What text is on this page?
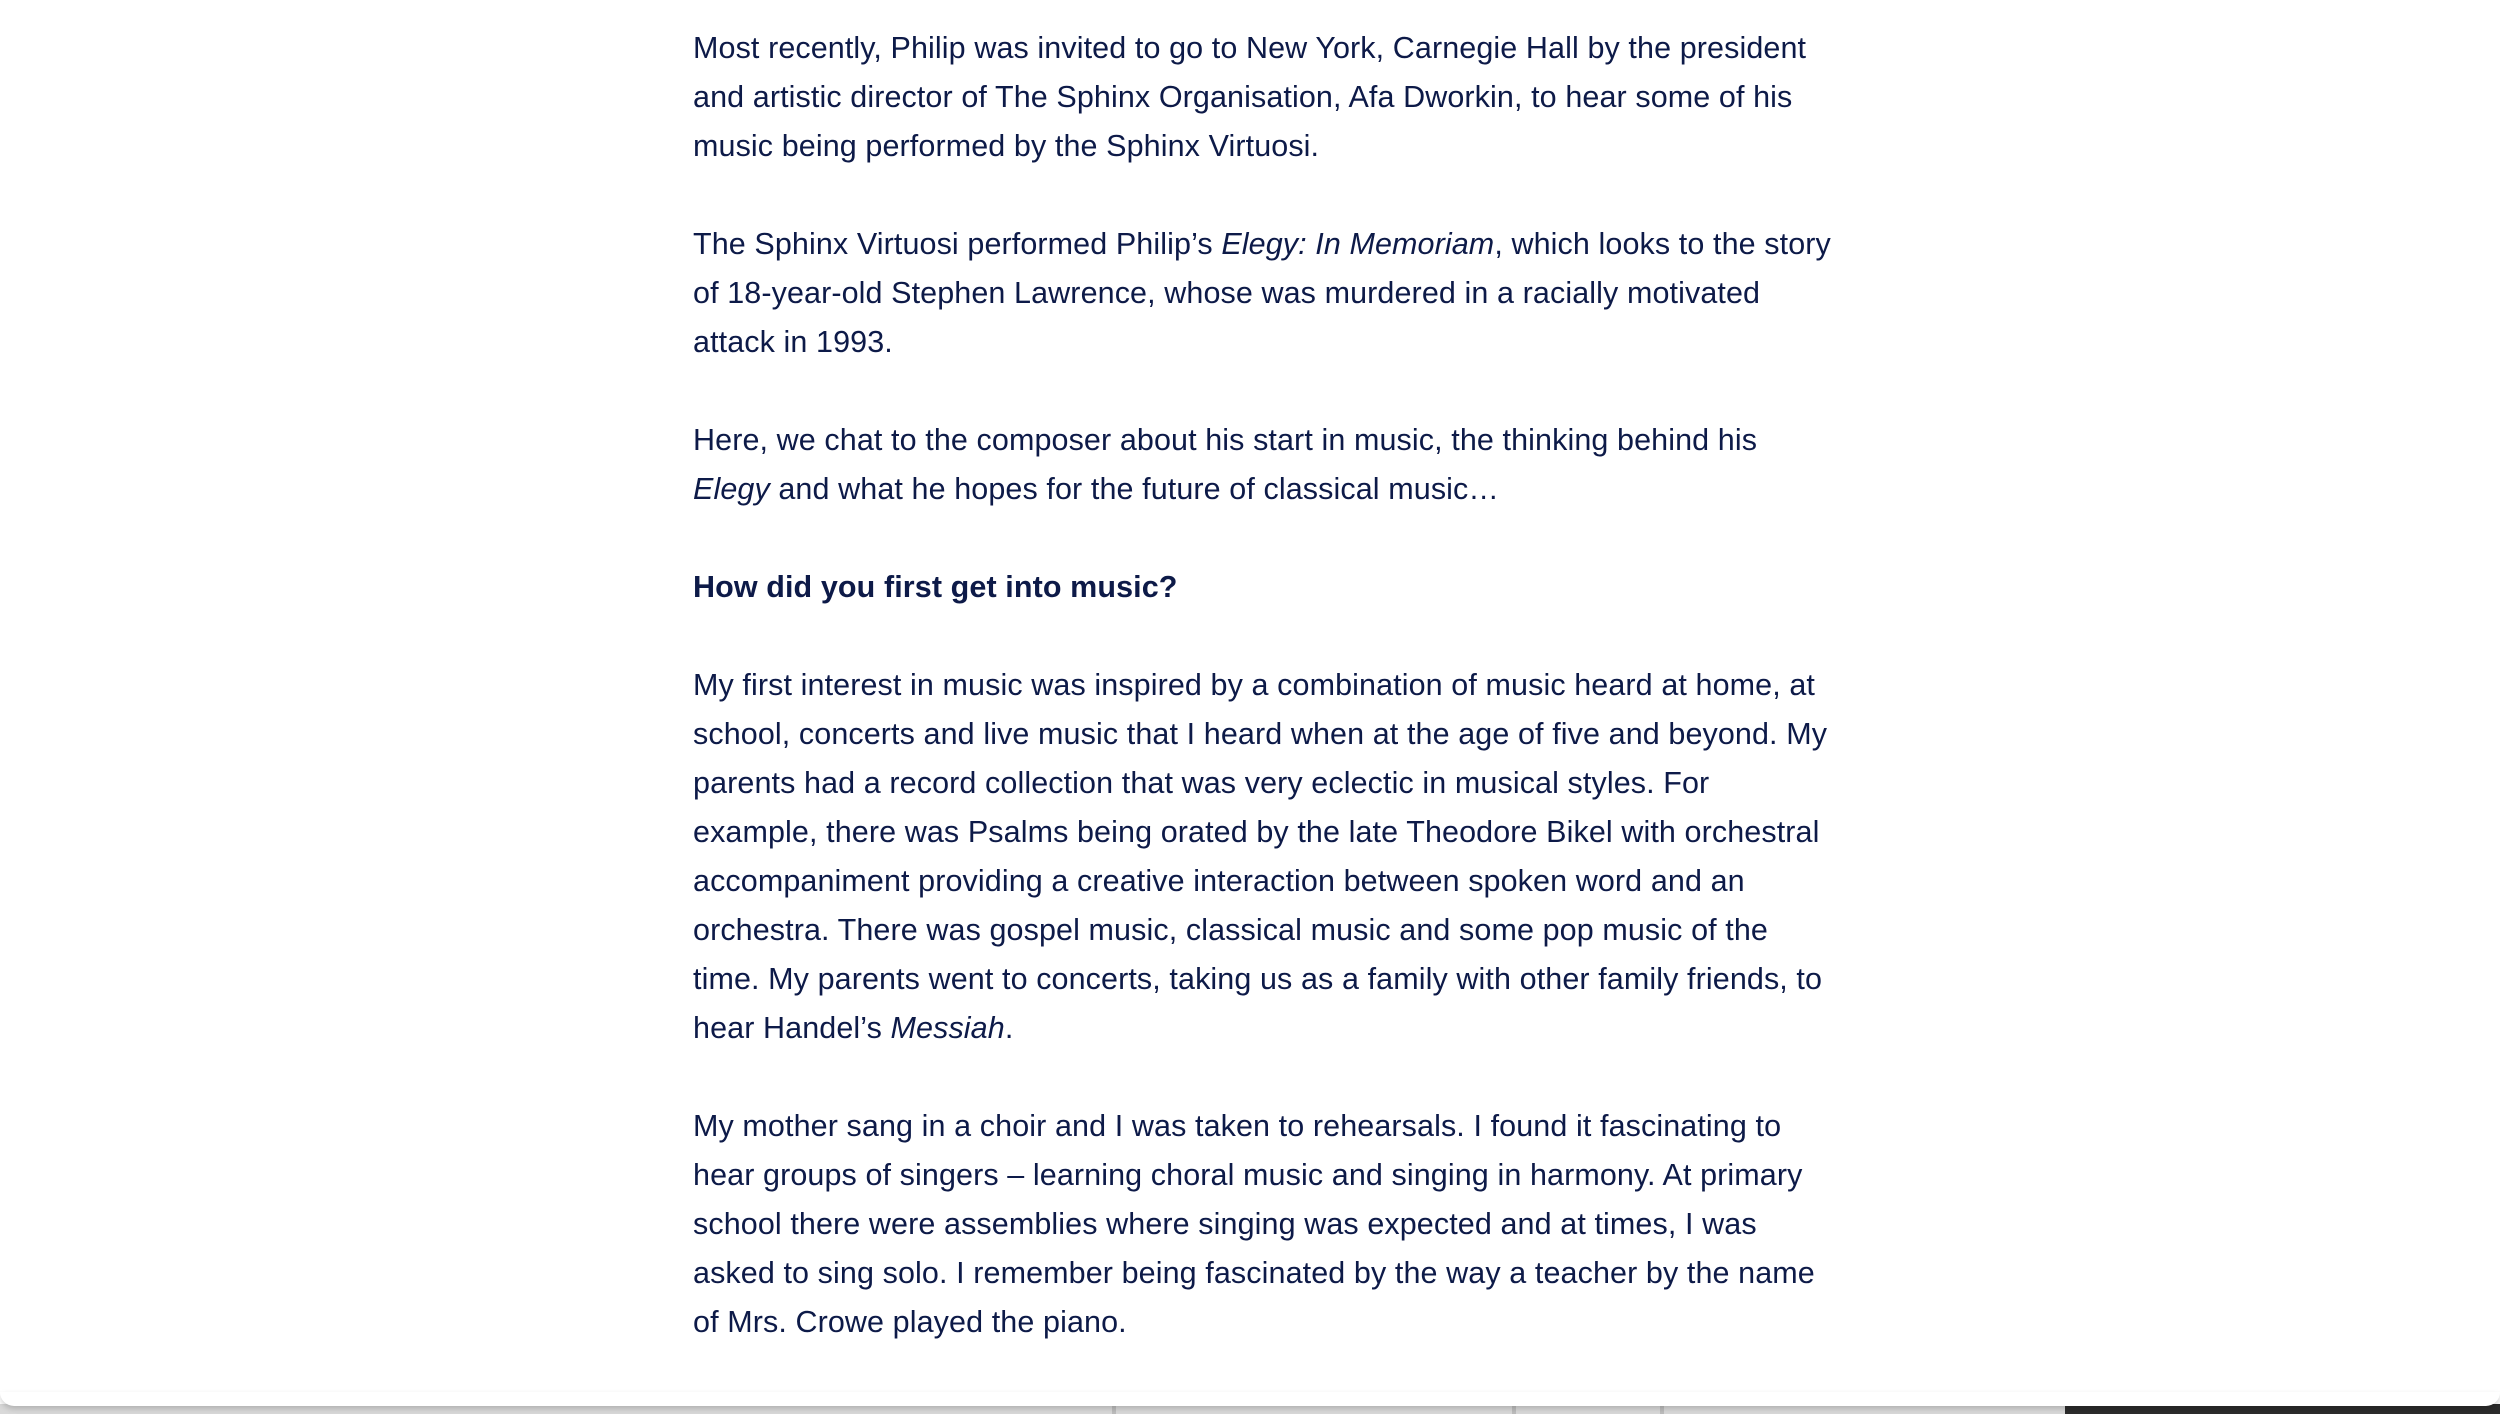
Most recently, Philip was invited to go to New York, Carnegie Hall by the president and artistic director of The Sphinx Organisation, Afa Dworkin, to hear some of his music being performed by the Sphinx Virtuosi.

The Sphinx Virtuosi performed Philip’s Elegy: In Memoriam, which looks to the story of 18-year-old Stephen Lawrence, whose was murdered in a racially motivated attack in 1993.

Here, we chat to the composer about his start in music, the thinking behind his Elegy and what he hopes for the future of classical music…

How did you first get into music?

My first interest in music was inspired by a combination of music heard at home, at school, concerts and live music that I heard when at the age of five and beyond. My parents had a record collection that was very eclectic in musical styles. For example, there was Psalms being orated by the late Theodore Bikel with orchestral accompaniment providing a creative interaction between spoken word and an orchestra. There was gospel music, classical music and some pop music of the time. My parents went to concerts, taking us as a family with other family friends, to hear Handel’s Messiah.

My mother sang in a choir and I was taken to rehearsals. I found it fascinating to hear groups of singers – learning choral music and singing in harmony. At primary school there were assemblies where singing was expected and at times, I was asked to sing solo. I remember being fascinated by the way a teacher by the name of Mrs. Crowe played the piano.
